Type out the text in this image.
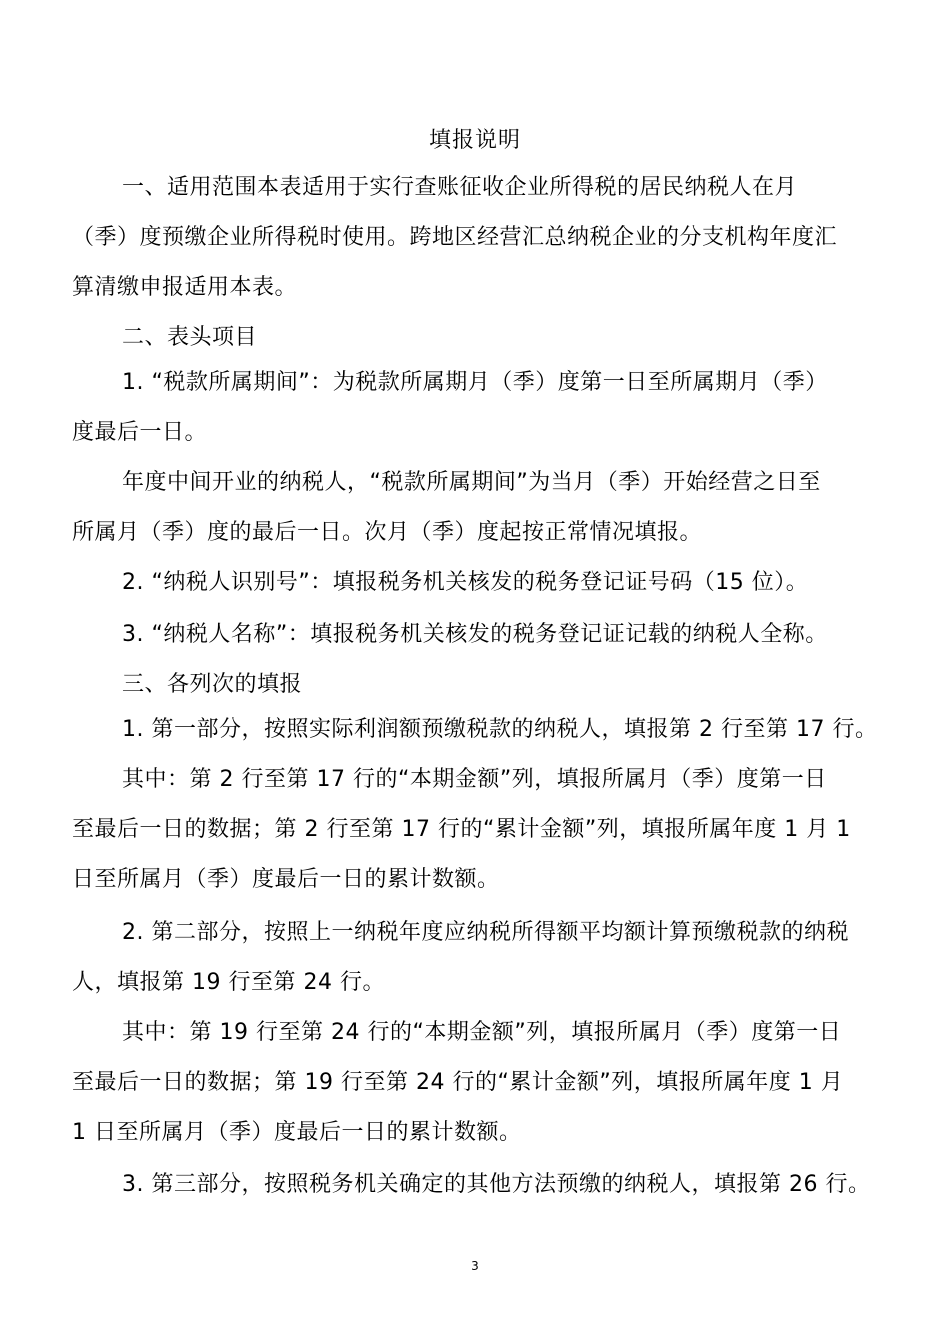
填报说明
一、适用范围本表适用于实行查账征收企业所得税的居民纳税人在月
（季）度预缴企业所得税时使用。跨地区经营汇总纳税企业的分支机构年度汇
算清缴申报适用本表。
二、表头项目
1. “税款所属期间”：为税款所属期月（季）度第一日至所属期月（季）
度最后一日。
年度中间开业的纳税人，“税款所属期间”为当月（季）开始经营之日至
所属月（季）度的最后一日。次月（季）度起按正常情况填报。
2. “纳税人识别号”：填报税务机关核发的税务登记证号码（15 位）。
3. “纳税人名称”：填报税务机关核发的税务登记证记载的纳税人全称。
三、各列次的填报
1. 第一部分，按照实际利润额预缴税款的纳税人，填报第 2 行至第 17 行。
其中：第 2 行至第 17 行的“本期金额”列，填报所属月（季）度第一日
至最后一日的数据；第 2 行至第 17 行的“累计金额”列，填报所属年度 1 月 1
日至所属月（季）度最后一日的累计数额。
2. 第二部分，按照上一纳税年度应纳税所得额平均额计算预缴税款的纳税
人，填报第 19 行至第 24 行。
其中：第 19 行至第 24 行的“本期金额”列，填报所属月（季）度第一日
至最后一日的数据；第 19 行至第 24 行的“累计金额”列，填报所属年度 1 月
1 日至所属月（季）度最后一日的累计数额。
3. 第三部分，按照税务机关确定的其他方法预缴的纳税人，填报第 26 行。
3
